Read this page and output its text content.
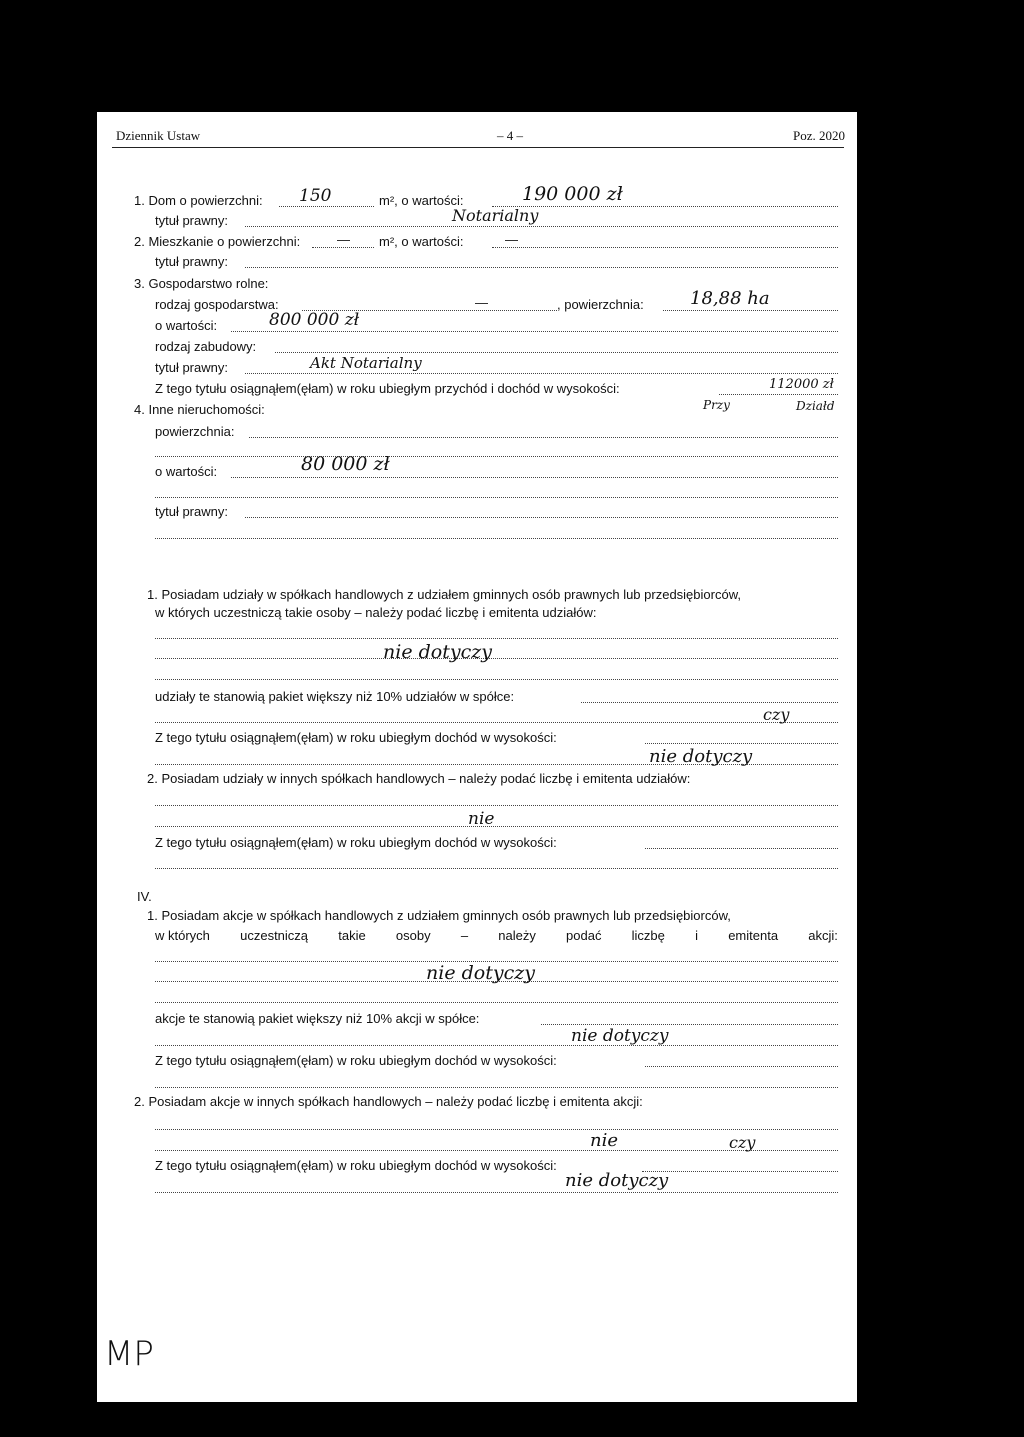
Dziennik Ustaw	– 4 –	Poz. 2020
1. Dom o powierzchni: 150	m², o wartości:	190 000 zł
tytuł prawny:	Notarialny
2. Mieszkanie o powierzchni:	— m², o wartości:	—
tytuł prawny:
3. Gospodarstwo rolne:
rodzaj gospodarstwa:	—	, powierzchnia:	18,88 ha
o wartości:	800 000 zł
rodzaj zabudowy:
tytuł prawny:	Akt Notarialny
Z tego tytułu osiągnąłem(ęłam) w roku ubiegłym przychód i dochód w wysokości:	112000 zł
4. Inne nieruchomości:	Przy	Działd
powierzchnia:
o wartości:	80 000 zł
tytuł prawny:
1. Posiadam udziały w spółkach handlowych z udziałem gminnych osób prawnych lub przedsiębiorców,
w których uczestniczą takie osoby – należy podać liczbę i emitenta udziałów:
nie dotyczy
udziały te stanowią pakiet większy niż 10% udziałów w spółce:
czy
Z tego tytułu osiągnąłem(ęłam) w roku ubiegłym dochód w wysokości:
nie dotyczy
2. Posiadam udziały w innych spółkach handlowych – należy podać liczbę i emitenta udziałów:
nie
Z tego tytułu osiągnąłem(ęłam) w roku ubiegłym dochód w wysokości:
IV.
1. Posiadam akcje w spółkach handlowych z udziałem gminnych osób prawnych lub przedsiębiorców,
w których uczestniczą takie osoby – należy podać liczbę i emitenta akcji:
nie dotyczy
akcje te stanowią pakiet większy niż 10% akcji w spółce:
nie dotyczy
Z tego tytułu osiągnąłem(ęłam) w roku ubiegłym dochód w wysokości:
2. Posiadam akcje w innych spółkach handlowych – należy podać liczbę i emitenta akcji:
nie	czy
Z tego tytułu osiągnąłem(ęłam) w roku ubiegłym dochód w wysokości:
nie dotyczy
MP
